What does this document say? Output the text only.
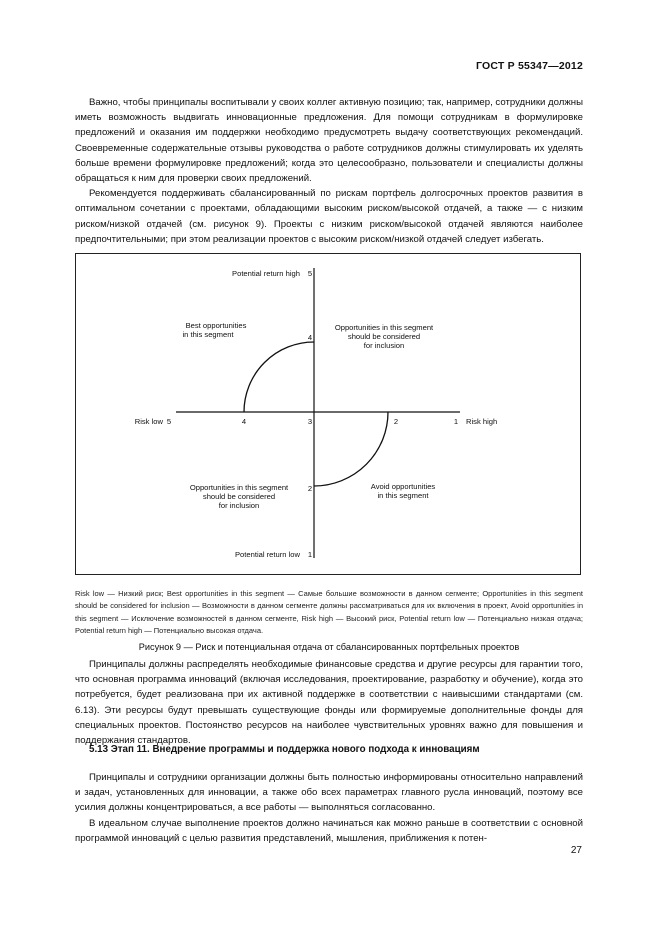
ГОСТ Р 55347—2012

Важно, чтобы принципалы воспитывали у своих коллег активную позицию; так, например, сотрудники должны иметь возможность выдвигать инновационные предложения. Для помощи сотрудникам в формулировке предложений и оказания им поддержки необходимо предусмотреть выдачу соответствующих рекомендаций. Своевременные содержательные отзывы руководства о работе сотрудников должны стимулировать их уделять больше времени формулировке предложений; когда это целесообразно, пользователи и специалисты должны обращаться к ним для проверки своих предложений.

Рекомендуется поддерживать сбалансированный по рискам портфель долгосрочных проектов развития в оптимальном сочетании с проектами, обладающими высоким риском/высокой отдачей, а также — с низким риском/низкой отдачей (см. рисунок 9). Проекты с низким риском/высокой отдачей являются наиболее предпочтительными; при этом реализации проектов с высоким риском/низкой отдачей следует избегать.

Risk low	Risk high
Potential return high
Potential return low
5	4	3	2	1
5
4
2
1
Best opportunities
in this segment
Opportunities in this segment
should be considered
for inclusion
Opportunities in this segment
should be considered
for inclusion
Avoid opportunities
in this segment
Risk low — Низкий риск; Best opportunities in this segment — Самые большие возможности в данном сегменте; Opportunities in this segment should be considered for inclusion — Возможности в данном сегменте должны рассматриваться для их включения в проект, Avoid opportunities in this segment — Исключение возможностей в данном сегменте, Risk high — Высокий риск, Potential return low — Потенциально низкая отдача; Potential return high — Потенциально высокая отдача.
Рисунок 9 — Риск и потенциальная отдача от сбалансированных портфельных проектов

Принципалы должны распределять необходимые финансовые средства и другие ресурсы для гарантии того, что основная программа инноваций (включая исследования, проектирование, разработку и обучение), когда это потребуется, будет реализована при их активной поддержке в соответствии с наивысшими стандартами (см. 6.13). Эти ресурсы будут превышать существующие фонды или формируемые дополнительные фонды для специальных проектов. Постоянство ресурсов на наиболее чувствительных уровнях важно для повышения и поддержания стандартов.

5.13 Этап 11. Внедрение программы и поддержка нового подхода к инновациям

Принципалы и сотрудники организации должны быть полностью информированы относительно направлений и задач, установленных для инновации, а также обо всех параметрах главного русла инноваций, поэтому все усилия должны концентрироваться, а все работы — выполняться согласованно.

В идеальном случае выполнение проектов должно начинаться как можно раньше в соответствии с основной программой инноваций с целью развития представлений, мышления, приближения к потен-

27
